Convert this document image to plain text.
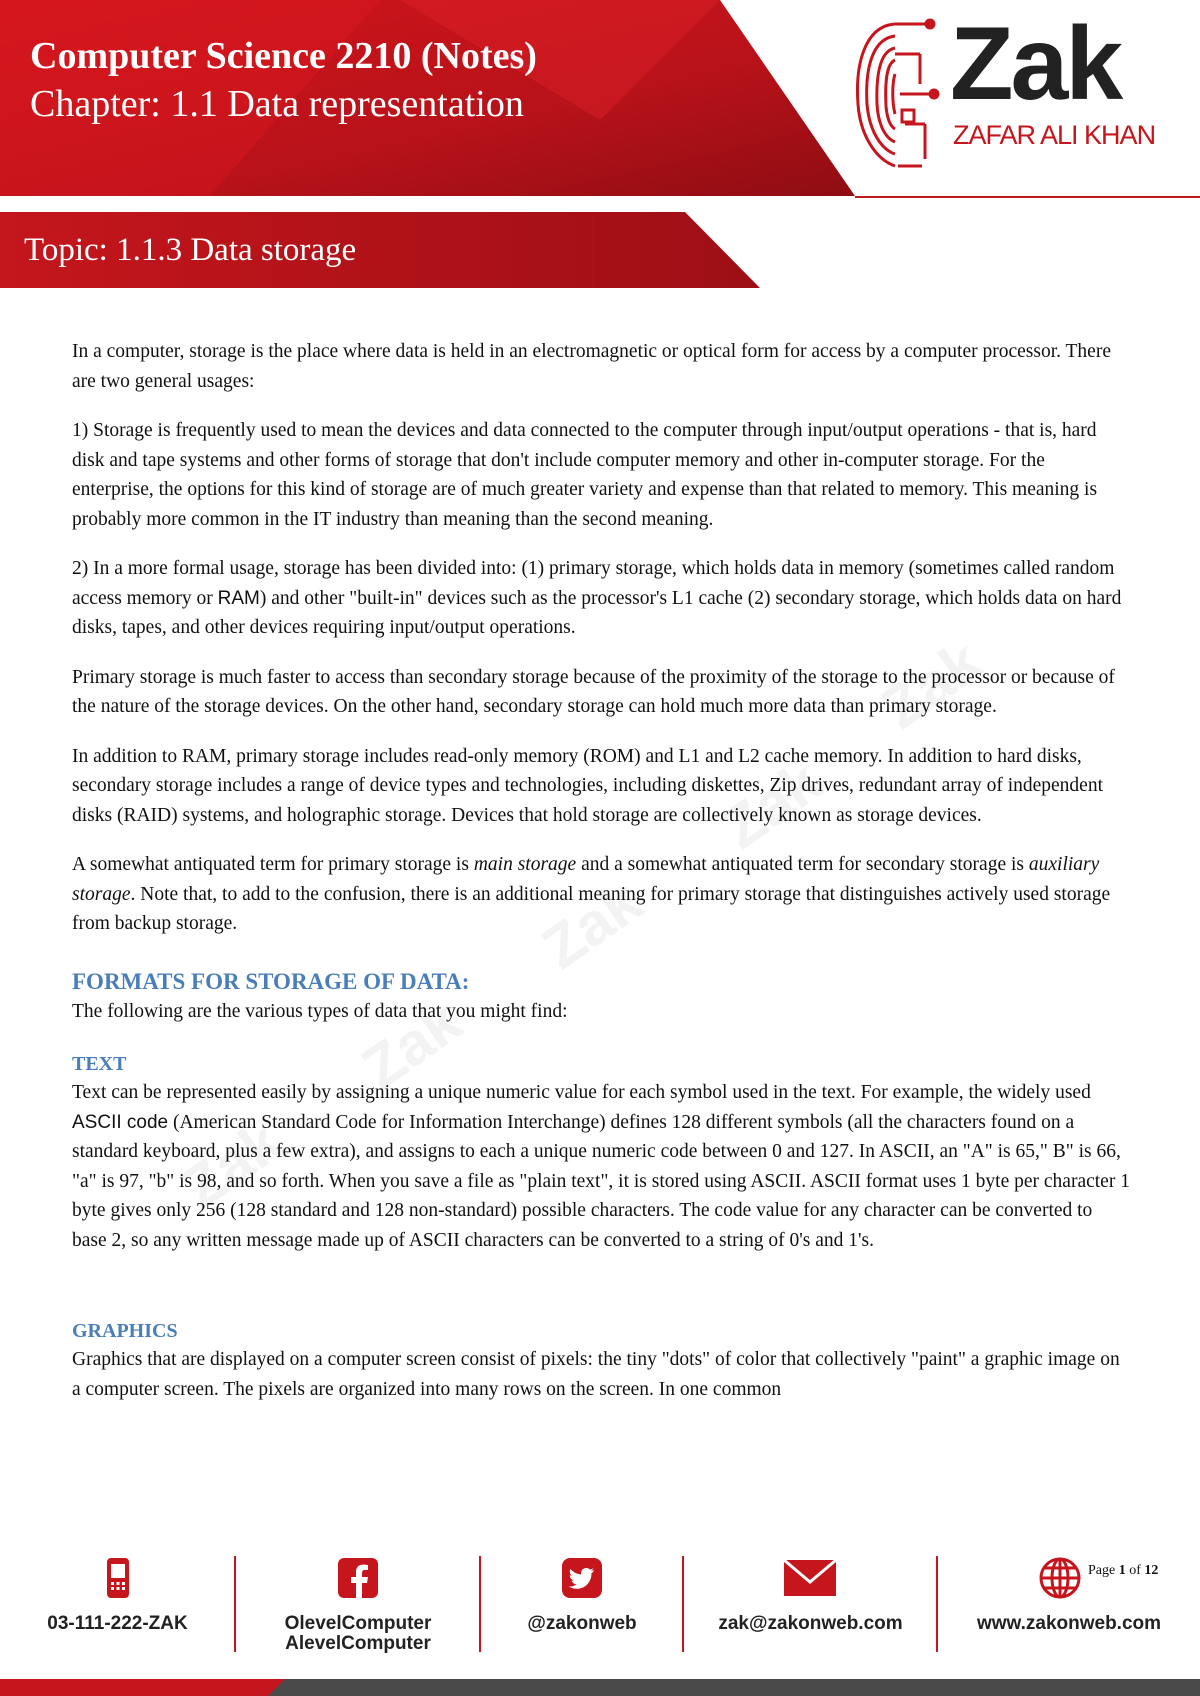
Computer Science 2210 (Notes)
Chapter: 1.1 Data representation	Zak
ZAFAR ALI KHAN
Topic: 1.1.3 Data storage
Zak
Zak
Zak
Zak
Zak

In a computer, storage is the place where data is held in an electromagnetic or optical form for access by a computer processor. There are two general usages:

1) Storage is frequently used to mean the devices and data connected to the computer through input/output operations - that is, hard disk and tape systems and other forms of storage that don't include computer memory and other in-computer storage. For the enterprise, the options for this kind of storage are of much greater variety and expense than that related to memory. This meaning is probably more common in the IT industry than meaning than the second meaning.

2) In a more formal usage, storage has been divided into: (1) primary storage, which holds data in memory (sometimes called random access memory or RAM) and other "built-in" devices such as the processor's L1 cache (2) secondary storage, which holds data on hard disks, tapes, and other devices requiring input/output operations.

Primary storage is much faster to access than secondary storage because of the proximity of the storage to the processor or because of the nature of the storage devices. On the other hand, secondary storage can hold much more data than primary storage.

In addition to RAM, primary storage includes read-only memory (ROM) and L1 and L2 cache memory. In addition to hard disks, secondary storage includes a range of device types and technologies, including diskettes, Zip drives, redundant array of independent disks (RAID) systems, and holographic storage. Devices that hold storage are collectively known as storage devices.

A somewhat antiquated term for primary storage is main storage and a somewhat antiquated term for secondary storage is auxiliary storage. Note that, to add to the confusion, there is an additional meaning for primary storage that distinguishes actively used storage from backup storage.

FORMATS FOR STORAGE OF DATA:

The following are the various types of data that you might find:

TEXT

Text can be represented easily by assigning a unique numeric value for each symbol used in the text. For example, the widely used ASCII code (American Standard Code for Information Interchange) defines 128 different symbols (all the characters found on a standard keyboard, plus a few extra), and assigns to each a unique numeric code between 0 and 127. In ASCII, an "A" is 65," B" is 66, "a" is 97, "b" is 98, and so forth. When you save a file as "plain text", it is stored using ASCII. ASCII format uses 1 byte per character 1 byte gives only 256 (128 standard and 128 non-standard) possible characters. The code value for any character can be converted to base 2, so any written message made up of ASCII characters can be converted to a string of 0's and 1's.

GRAPHICS

Graphics that are displayed on a computer screen consist of pixels: the tiny "dots" of color that collectively "paint" a graphic image on a computer screen. The pixels are organized into many rows on the screen. In one common

03-111-222-ZAK	OlevelComputer
AlevelComputer
@zakonweb	zak@zakonweb.com	www.zakonweb.com
Page 1 of 12
